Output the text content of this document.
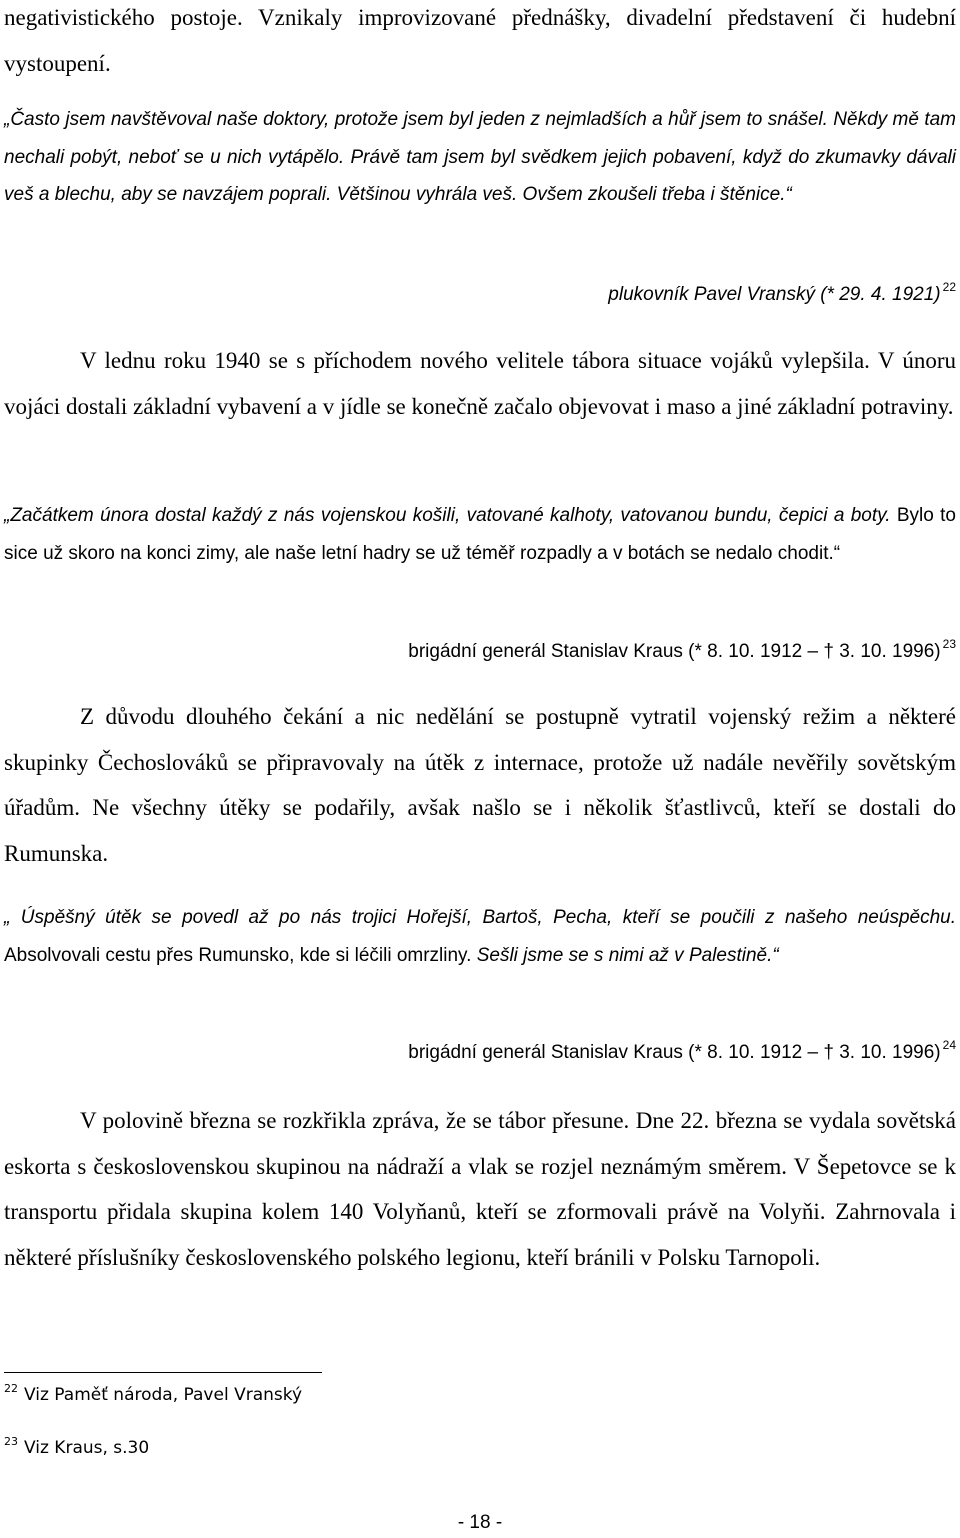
negativistického postoje. Vznikaly improvizované přednášky, divadelní představení či hudební vystoupení.
„Často jsem navštěvoval naše doktory, protože jsem byl jeden z nejmladších a hůř jsem to snášel. Někdy mě tam nechali pobýt, neboť se u nich vytápělo. Právě tam jsem byl svědkem jejich pobavení, když do zkumavky dávali veš a blechu, aby se navzájem poprali. Většinou vyhrála veš. Ovšem zkoušeli třeba i štěnice.“
plukovník Pavel Vranský (* 29. 4. 1921) $^{22}$
V lednu roku 1940 se s příchodem nového velitele tábora situace vojáků vylepšila. V únoru vojáci dostali základní vybavení a v jídle se konečně začalo objevovat i maso a jiné základní potraviny.
„Začátkem února dostal každý z nás vojenskou košili, vatované kalhoty, vatovanou bundu, čepici a boty. Bylo to sice už skoro na konci zimy, ale naše letní hadry se už téměř rozpadly a v botách se nedalo chodit.“
brigádní generál Stanislav Kraus (* 8. 10. 1912 – † 3. 10. 1996) $^{23}$
Z důvodu dlouhého čekání a nic nedělání se postupně vytratil vojenský režim a některé skupinky Čechoslováků se připravovaly na útěk z internace, protože už nadále nevěřily sovětským úřadům. Ne všechny útěky se podařily, avšak našlo se i několik šťastlivců, kteří se dostali do Rumunska.
„ Úspěšný útěk se povedl až po nás trojici Hořejší, Bartoš, Pecha, kteří se poučili z našeho neúspěchu. Absolvovali cestu přes Rumunsko, kde si léčili omrzliny. Sešli jsme se s nimi až v Palestině.“
brigádní generál Stanislav Kraus (* 8. 10. 1912 – † 3. 10. 1996) $^{24}$
V polovině března se rozkřikla zpráva, že se tábor přesune. Dne 22. března se vydala sovětská eskorta s československou skupinou na nádraží a vlak se rozjel neznámým směrem. V Šepetovce se k transportu přidala skupina kolem 140 Volyňanů, kteří se zformovali právě na Volyňi. Zahrnovala i některé příslušníky československého polského legionu, kteří bránili v Polsku Tarnopoli.
$^{22}$ Viz Paměť národa, Pavel Vranský
$^{23}$ Viz Kraus, s.30
- 18 -
